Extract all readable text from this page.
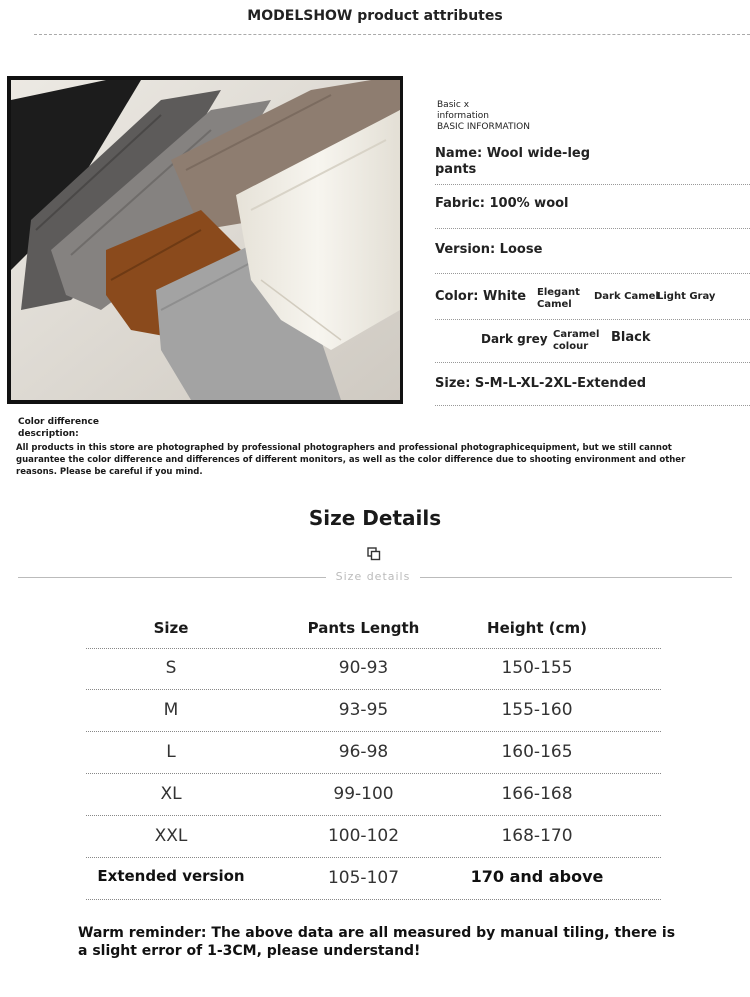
MODELSHOW product attributes
Basic x
information
BASIC INFORMATION
Name: Wool wide-leg pants
Fabric: 100% wool
Version: Loose
Color: White Elegant Camel
Dark Camel
Light Gray
Dark grey Caramel colour
Black
Size: S-M-L-XL-2XL-Extended
Color difference description:
All products in this store are photographed by professional photographers and professional photographicequipment, but we still cannot guarantee the color difference and differences of different monitors, as well as the color difference due to shooting environment and other reasons. Please be careful if you mind.
Size Details
Size details
Size	Pants Length	Height (cm)
S	90-93	150-155
M	93-95	155-160
L	96-98	160-165
XL	99-100	166-168
XXL	100-102	168-170
Extended version	105-107	170 and above
Warm reminder: The above data are all measured by manual tiling, there is a slight error of 1-3CM, please understand!
